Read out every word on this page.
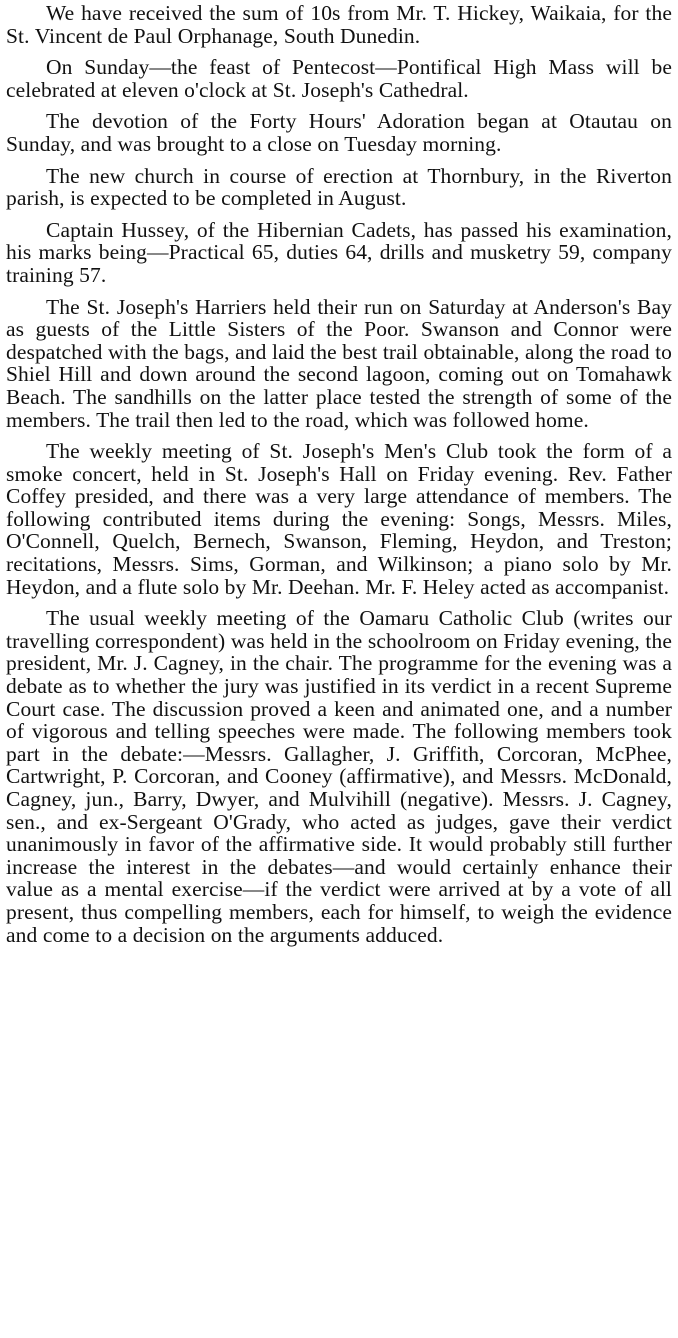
We have received the sum of 10s from Mr. T. Hickey, Waikaia, for the St. Vincent de Paul Orphanage, South Dunedin.

On Sunday—the feast of Pentecost—Pontifical High Mass will be celebrated at eleven o'clock at St. Joseph's Cathedral.

The devotion of the Forty Hours' Adoration began at Otautau on Sunday, and was brought to a close on Tuesday morning.

The new church in course of erection at Thornbury, in the Riverton parish, is expected to be completed in August.

Captain Hussey, of the Hibernian Cadets, has passed his examination, his marks being—Practical 65, duties 64, drills and musketry 59, company training 57.

The St. Joseph's Harriers held their run on Saturday at Anderson's Bay as guests of the Little Sisters of the Poor. Swanson and Connor were despatched with the bags, and laid the best trail obtainable, along the road to Shiel Hill and down around the second lagoon, coming out on Tomahawk Beach. The sandhills on the latter place tested the strength of some of the members. The trail then led to the road, which was followed home.

The weekly meeting of St. Joseph's Men's Club took the form of a smoke concert, held in St. Joseph's Hall on Friday evening. Rev. Father Coffey presided, and there was a very large attendance of members. The following contributed items during the evening: Songs, Messrs. Miles, O'Connell, Quelch, Bernech, Swanson, Fleming, Heydon, and Treston; recitations, Messrs. Sims, Gorman, and Wilkinson; a piano solo by Mr. Heydon, and a flute solo by Mr. Deehan. Mr. F. Heley acted as accompanist.

The usual weekly meeting of the Oamaru Catholic Club (writes our travelling correspondent) was held in the schoolroom on Friday evening, the president, Mr. J. Cagney, in the chair. The programme for the evening was a debate as to whether the jury was justified in its verdict in a recent Supreme Court case. The discussion proved a keen and animated one, and a number of vigorous and telling speeches were made. The following members took part in the debate:—Messrs. Gallagher, J. Griffith, Corcoran, McPhee, Cartwright, P. Corcoran, and Cooney (affirmative), and Messrs. McDonald, Cagney, jun., Barry, Dwyer, and Mulvihill (negative). Messrs. J. Cagney, sen., and ex-Sergeant O'Grady, who acted as judges, gave their verdict unanimously in favor of the affirmative side. It would probably still further increase the interest in the debates—and would certainly enhance their value as a mental exercise—if the verdict were arrived at by a vote of all present, thus compelling members, each for himself, to weigh the evidence and come to a decision on the arguments adduced.
